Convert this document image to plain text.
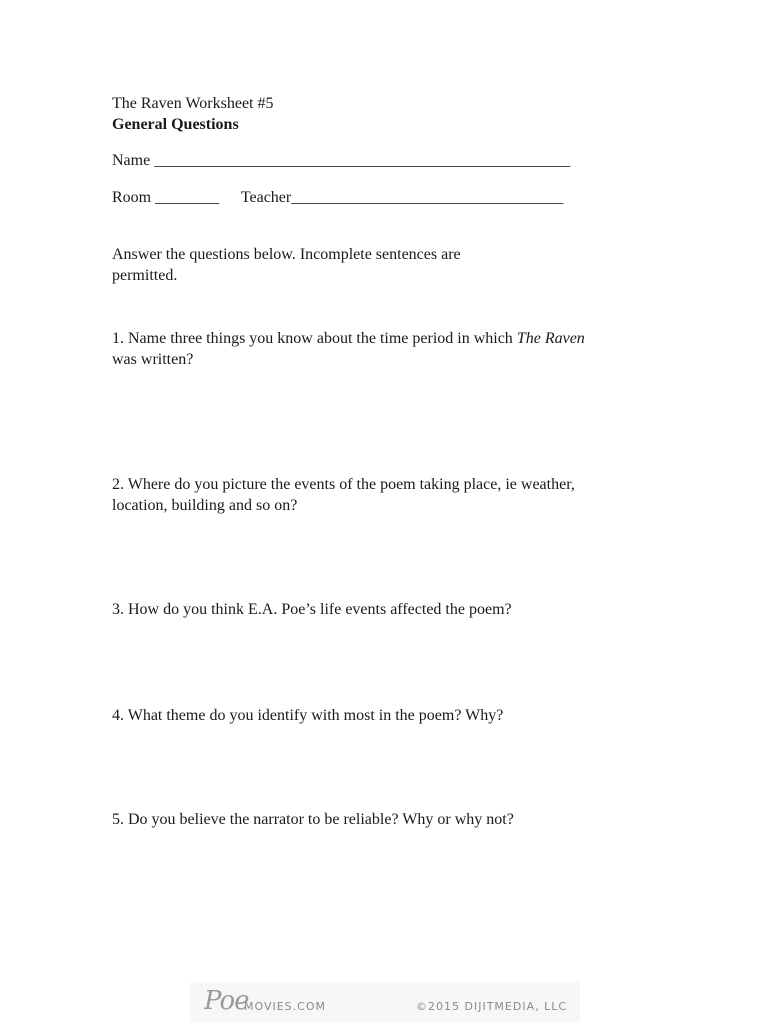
The Raven Worksheet #5
General Questions
Name ____________________________________________________
Room ________ Teacher__________________________________
Answer the questions below. Incomplete sentences are
permitted.
1. Name three things you know about the time period in which The Raven
was written?
2. Where do you picture the events of the poem taking place, ie weather,
location, building and so on?
3. How do you think E.A. Poe’s life events affected the poem?
4. What theme do you identify with most in the poem? Why?
5. Do you believe the narrator to be reliable? Why or why not?
Poe
MOVIES.COM	©2015 DIJITMEDIA, LLC
